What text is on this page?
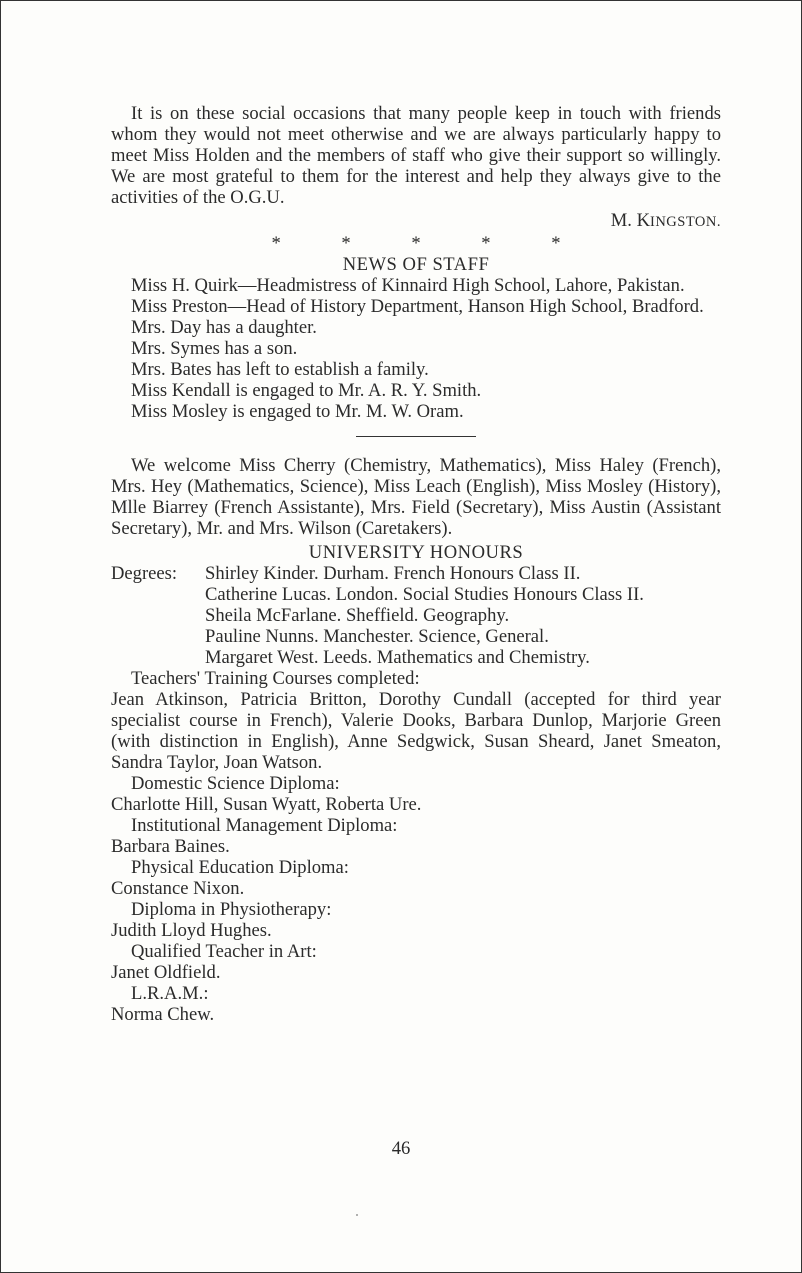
It is on these social occasions that many people keep in touch with friends whom they would not meet otherwise and we are always particularly happy to meet Miss Holden and the members of staff who give their support so willingly. We are most grateful to them for the interest and help they always give to the activities of the O.G.U.

M. KINGSTON.

* * * * *

NEWS OF STAFF

Miss H. Quirk—Headmistress of Kinnaird High School, Lahore, Pakistan.

Miss Preston—Head of History Department, Hanson High School, Bradford.

Mrs. Day has a daughter.

Mrs. Symes has a son.

Mrs. Bates has left to establish a family.

Miss Kendall is engaged to Mr. A. R. Y. Smith.

Miss Mosley is engaged to Mr. M. W. Oram.

We welcome Miss Cherry (Chemistry, Mathematics), Miss Haley (French), Mrs. Hey (Mathematics, Science), Miss Leach (English), Miss Mosley (History), Mlle Biarrey (French Assistante), Mrs. Field (Secretary), Miss Austin (Assistant Secretary), Mr. and Mrs. Wilson (Caretakers).

UNIVERSITY HONOURS

Degrees:	Shirley Kinder. Durham. French Honours Class II.

Catherine Lucas. London. Social Studies Honours Class II.

Sheila McFarlane. Sheffield. Geography.

Pauline Nunns. Manchester. Science, General.

Margaret West. Leeds. Mathematics and Chemistry.

Teachers' Training Courses completed:

Jean Atkinson, Patricia Britton, Dorothy Cundall (accepted for third year specialist course in French), Valerie Dooks, Barbara Dunlop, Marjorie Green (with distinction in English), Anne Sedgwick, Susan Sheard, Janet Smeaton, Sandra Taylor, Joan Watson.

Domestic Science Diploma:

Charlotte Hill, Susan Wyatt, Roberta Ure.

Institutional Management Diploma:

Barbara Baines.

Physical Education Diploma:

Constance Nixon.

Diploma in Physiotherapy:

Judith Lloyd Hughes.

Qualified Teacher in Art:

Janet Oldfield.

L.R.A.M.:

Norma Chew.

46
